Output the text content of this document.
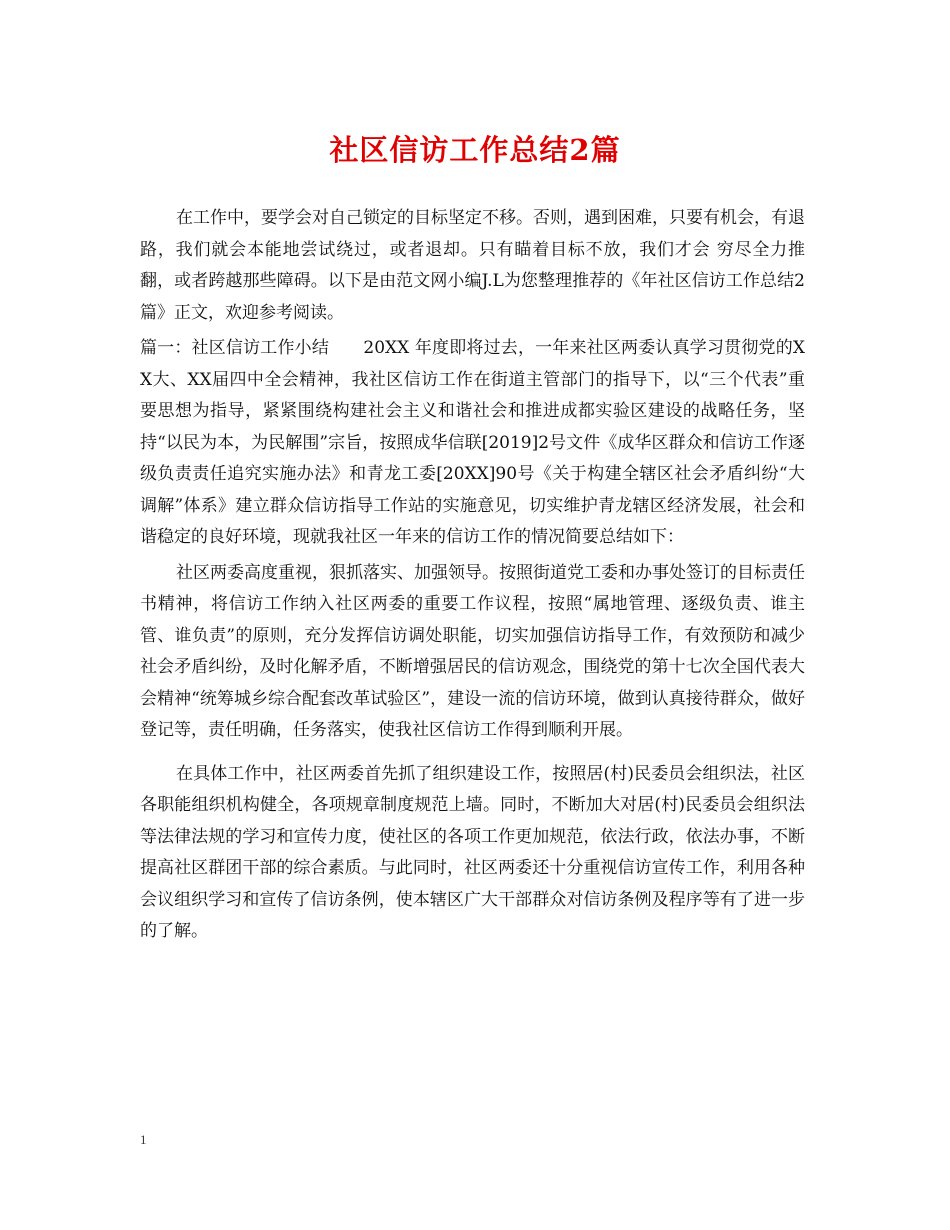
社区信访工作总结2篇

在工作中，要学会对自己锁定的目标坚定不移。否则，遇到困难，只要有机会，有退路，我们就会本能地尝试绕过，或者退却。只有瞄着目标不放，我们才会 穷尽全力推翻，或者跨越那些障碍。以下是由范文网小编J.L为您整理推荐的《年社区信访工作总结2篇》正文，欢迎参考阅读。

篇一：社区信访工作小结　　20XX 年度即将过去，一年来社区两委认真学习贯彻党的XX大、XX届四中全会精神，我社区信访工作在街道主管部门的指导下，以“三个代表”重要思想为指导，紧紧围绕构建社会主义和谐社会和推进成都实验区建设的战略任务，坚持“以民为本，为民解围”宗旨，按照成华信联[2019]2号文件《成华区群众和信访工作逐级负责责任追究实施办法》和青龙工委[20XX]90号《关于构建全辖区社会矛盾纠纷“大调解”体系》建立群众信访指导工作站的实施意见，切实维护青龙辖区经济发展，社会和谐稳定的良好环境，现就我社区一年来的信访工作的情况简要总结如下：

社区两委高度重视，狠抓落实、加强领导。按照街道党工委和办事处签订的目标责任书精神，将信访工作纳入社区两委的重要工作议程，按照“属地管理、逐级负责、谁主管、谁负责”的原则，充分发挥信访调处职能，切实加强信访指导工作，有效预防和减少社会矛盾纠纷，及时化解矛盾，不断增强居民的信访观念，围绕党的第十七次全国代表大会精神“统筹城乡综合配套改革试验区”，建设一流的信访环境，做到认真接待群众，做好登记等，责任明确，任务落实，使我社区信访工作得到顺利开展。

在具体工作中，社区两委首先抓了组织建设工作，按照居(村)民委员会组织法，社区各职能组织机构健全，各项规章制度规范上墙。同时，不断加大对居(村)民委员会组织法等法律法规的学习和宣传力度，使社区的各项工作更加规范，依法行政，依法办事，不断提高社区群团干部的综合素质。与此同时，社区两委还十分重视信访宣传工作，利用各种会议组织学习和宣传了信访条例，使本辖区广大干部群众对信访条例及程序等有了进一步的了解。

1
